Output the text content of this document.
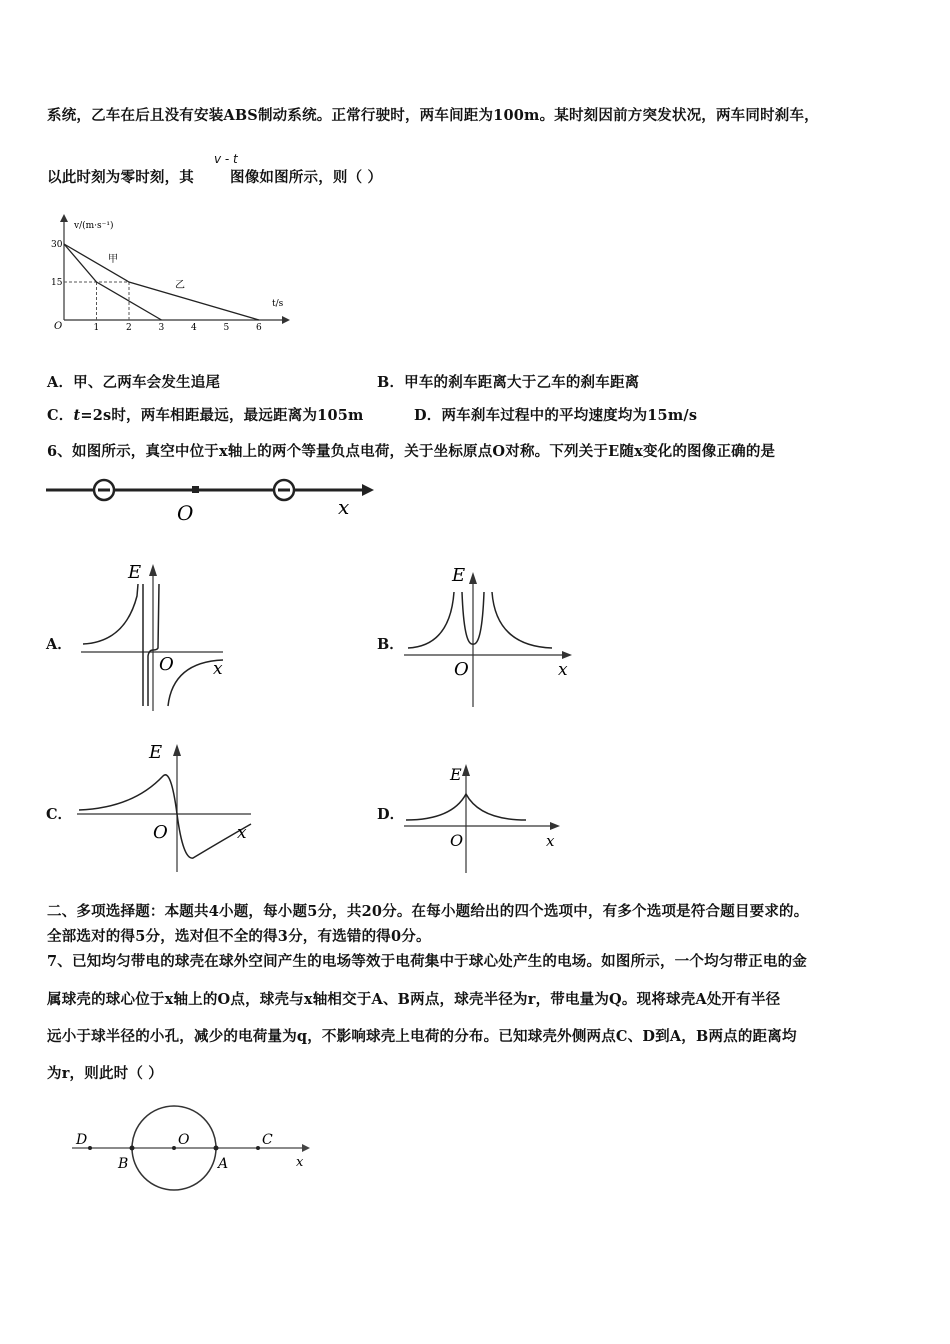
系统，乙车在后且没有安装ABS制动系统。正常行驶时，两车间距为100m。某时刻因前方突发状况，两车同时刹车，
以此时刻为零时刻，其 图像如图所示，则（ ）
v - t
v/(m·s⁻¹)
t/s
O	1	2	3	4	5	6
30
15
甲
乙
A．甲、乙两车会发生追尾	B．甲车的刹车距离大于乙车的刹车距离
C．t=2s时，两车相距最远，最远距离为105m	D．两车刹车过程中的平均速度均为15m/s
6、如图所示，真空中位于x轴上的两个等量负点电荷，关于坐标原点O对称。下列关于E随x变化的图像正确的是
O	x
A．
E
O x
B．
E
O	x
C．
E
O	x
D．
E
O	x
二、多项选择题：本题共4小题，每小题5分，共20分。在每小题给出的四个选项中，有多个选项是符合题目要求的。
全部选对的得5分，选对但不全的得3分，有选错的得0分。
7、已知均匀带电的球壳在球外空间产生的电场等效于电荷集中于球心处产生的电场。如图所示，一个均匀带正电的金
属球壳的球心位于x轴上的O点，球壳与x轴相交于A、B两点，球壳半径为r，带电量为Q。现将球壳A处开有半径
远小于球半径的小孔，减少的电荷量为q，不影响球壳上电荷的分布。已知球壳外侧两点C、D到A，B两点的距离均
为r，则此时（ ）
D
B
O
A
C
x
